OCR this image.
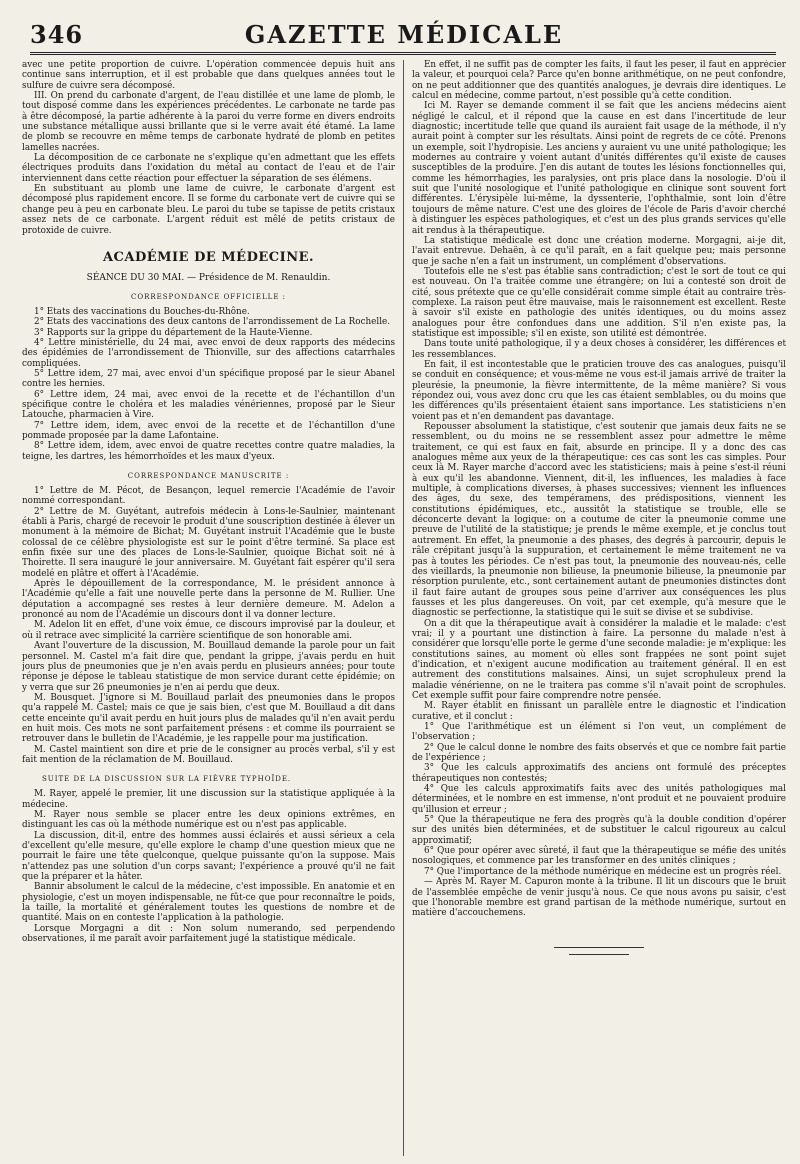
346	GAZETTE MÉDICALE

avec une petite proportion de cuivre. L'opération commencée depuis huit ans continue sans interruption, et il est probable que dans quelques années tout le sulfure de cuivre sera décomposé.

III. On prend du carbonate d'argent, de l'eau distillée et une lame de plomb, le tout disposé comme dans les expériences précédentes. Le carbonate ne tarde pas à être décomposé, la partie adhérente à la paroi du verre forme en divers endroits une substance métallique aussi brillante que si le verre avait été étamé. La lame de plomb se recouvre en même temps de carbonate hydraté de plomb en petites lamelles nacrées.

La décomposition de ce carbonate ne s'explique qu'en admettant que les effets électriques produits dans l'oxidation du métal au contact de l'eau et de l'air interviennent dans cette réaction pour effectuer la séparation de ses élémens.

En substituant au plomb une lame de cuivre, le carbonate d'argent est décomposé plus rapidement encore. Il se forme du carbonate vert de cuivre qui se change peu à peu en carbonate bleu. Le paroi du tube se tapisse de petits cristaux assez nets de ce carbonate. L'argent réduit est mêlé de petits cristaux de protoxide de cuivre.

ACADÉMIE DE MÉDECINE.
SÉANCE DU 30 MAI. — Présidence de M. Renauldin.
CORRESPONDANCE OFFICIELLE :

1° Etats des vaccinations du Bouches-du-Rhône.

2° Etats des vaccinations des deux cantons de l'arrondissement de La Rochelle.

3° Rapports sur la grippe du département de la Haute-Vienne.

4° Lettre ministérielle, du 24 mai, avec envoi de deux rapports des médecins des épidémies de l'arrondissement de Thionville, sur des affections catarrhales compliquées.

5° Lettre idem, 27 mai, avec envoi d'un spécifique proposé par le sieur Abanel contre les hernies.

6° Lettre idem, 24 mai, avec envoi de la recette et de l'échantillon d'un spécifique contre le choléra et les maladies vénériennes, proposé par le Sieur Latouche, pharmacien à Vire.

7° Lettre idem, idem, avec envoi de la recette et de l'échantillon d'une pommade proposée par la dame Lafontaine.

8° Lettre idem, idem, avec envoi de quatre recettes contre quatre maladies, la teigne, les dartres, les hémorrhoïdes et les maux d'yeux.

CORRESPONDANCE MANUSCRITE :

1° Lettre de M. Pécot, de Besançon, lequel remercie l'Académie de l'avoir nommé correspondant.

2° Lettre de M. Guyétant, autrefois médecin à Lons-le-Saulnier, maintenant établi à Paris, chargé de recevoir le produit d'une souscription destinée à élever un monument à la mémoire de Bichat; M. Guyétant instruit l'Académie que le buste colossal de ce célèbre physiologiste est sur le point d'être terminé. Sa place est enfin fixée sur une des places de Lons-le-Saulnier, quoique Bichat soit né à Thoirette. Il sera inauguré le jour anniversaire. M. Guyétant fait espérer qu'il sera modelé en plâtre et offert à l'Académie.

Après le dépouillement de la correspondance, M. le président annonce à l'Académie qu'elle a fait une nouvelle perte dans la personne de M. Rullier. Une députation a accompagné ses restes à leur dernière demeure. M. Adelon a prononcé au nom de l'Académie un discours dont il va donner lecture.

M. Adelon lit en effet, d'une voix émue, ce discours improvisé par la douleur, et où il retrace avec simplicité la carrière scientifique de son honorable ami.

Avant l'ouverture de la discussion, M. Bouillaud demande la parole pour un fait personnel. M. Castel m'a fait dire que, pendant la grippe, j'avais perdu en huit jours plus de pneumonies que je n'en avais perdu en plusieurs années; pour toute réponse je dépose le tableau statistique de mon service durant cette épidémie; on y verra que sur 26 pneumonies je n'en ai perdu que deux.

M. Bousquet. J'ignore si M. Bouillaud parlait des pneumonies dans le propos qu'a rappelé M. Castel; mais ce que je sais bien, c'est que M. Bouillaud a dit dans cette enceinte qu'il avait perdu en huit jours plus de malades qu'il n'en avait perdu en huit mois. Ces mots ne sont parfaitement présens : et comme ils pourraient se retrouver dans le bulletin de l'Académie, je les rappelle pour ma justification.

M. Castel maintient son dire et prie de le consigner au procès verbal, s'il y est fait mention de la réclamation de M. Bouillaud.

SUITE DE LA DISCUSSION SUR LA FIÈVRE TYPHOÏDE.

M. Rayer, appelé le premier, lit une discussion sur la statistique appliquée à la médecine.

M. Rayer nous semble se placer entre les deux opinions extrêmes, en distinguant les cas où la méthode numérique est ou n'est pas applicable.

La discussion, dit-il, entre des hommes aussi éclairés et aussi sérieux a cela d'excellent qu'elle mesure, qu'elle explore le champ d'une question mieux que ne pourrait le faire une tête quelconque, quelque puissante qu'on la suppose. Mais n'attendez pas une solution d'un corps savant; l'expérience a prouvé qu'il ne fait que la préparer et la hâter.

Bannir absolument le calcul de la médecine, c'est impossible. En anatomie et en physiologie, c'est un moyen indispensable, ne fût-ce que pour reconnaître le poids, la taille, la mortalité et généralement toutes les questions de nombre et de quantité. Mais on en conteste l'application à la pathologie.

Lorsque Morgagni a dit : Non solum numerando, sed perpendendo observationes, il me paraît avoir parfaitement jugé la statistique médicale.

En effet, il ne suffit pas de compter les faits, il faut les peser, il faut en apprécier la valeur, et pourquoi cela? Parce qu'en bonne arithmétique, on ne peut confondre, on ne peut additionner que des quantités analogues, je devrais dire identiques. Le calcul en médecine, comme partout, n'est possible qu'à cette condition.

Ici M. Rayer se demande comment il se fait que les anciens médecins aient négligé le calcul, et il répond que la cause en est dans l'incertitude de leur diagnostic; incertitude telle que quand ils auraient fait usage de la méthode, il n'y aurait point à compter sur les résultats. Ainsi point de regrets de ce côté. Prenons un exemple, soit l'hydropisie. Les anciens y auraient vu une unité pathologique; les modernes au contraire y voient autant d'unités différentes qu'il existe de causes susceptibles de la produire. J'en dis autant de toutes les lésions fonctionnelles qui, comme les hémorrhagies, les paralysies, ont pris place dans la nosologie. D'où il suit que l'unité nosologique et l'unité pathologique en clinique sont souvent fort différentes. L'érysipèle lui-même, la dyssenterie, l'ophthalmie, sont loin d'être toujours de même nature. C'est une des gloires de l'école de Paris d'avoir cherché à distinguer les espèces pathologiques, et c'est un des plus grands services qu'elle ait rendus à la thérapeutique.

La statistique médicale est donc une création moderne. Morgagni, ai-je dit, l'avait entrevue. Dehaën, à ce qu'il paraît, en a fait quelque peu; mais personne que je sache n'en a fait un instrument, un complément d'observations.

Toutefois elle ne s'est pas établie sans contradiction; c'est le sort de tout ce qui est nouveau. On l'a traitée comme une étrangère; on lui a contesté son droit de cité, sous prétexte que ce qu'elle considérait comme simple était au contraire très-complexe. La raison peut être mauvaise, mais le raisonnement est excellent. Reste à savoir s'il existe en pathologie des unités identiques, ou du moins assez analogues pour être confondues dans une addition. S'il n'en existe pas, la statistique est impossible; s'il en existe, son utilité est démontrée.

Dans toute unité pathologique, il y a deux choses à considérer, les différences et les ressemblances.

En fait, il est incontestable que le praticien trouve des cas analogues, puisqu'il se conduit en conséquence; et vous-même ne vous est-il jamais arrivé de traiter la pleurésie, la pneumonie, la fièvre intermittente, de la même manière? Si vous répondez oui, vous avez donc cru que les cas étaient semblables, ou du moins que les différences qu'ils présentaient étaient sans importance. Les statisticiens n'en voient pas et n'en demandent pas davantage.

Repousser absolument la statistique, c'est soutenir que jamais deux faits ne se ressemblent, ou du moins ne se ressemblent assez pour admettre le même traitement, ce qui est faux en fait, absurde en principe. Il y a donc des cas analogues même aux yeux de la thérapeutique: ces cas sont les cas simples. Pour ceux là M. Rayer marche d'accord avec les statisticiens; mais à peine s'est-il réuni à eux qu'il les abandonne. Viennent, dit-il, les influences, les maladies à face multiple, à complications diverses, à phases successives; viennent les influences des âges, du sexe, des tempéramens, des prédispositions, viennent les constitutions épidémiques, etc., aussitôt la statistique se trouble, elle se déconcerte devant la logique: on a coutume de citer la pneumonie comme une preuve de l'utilité de la statistique; je prends le même exemple, et je conclus tout autrement. En effet, la pneumonie a des phases, des degrés à parcourir, depuis le râle crépitant jusqu'à la suppuration, et certainement le même traitement ne va pas à toutes les périodes. Ce n'est pas tout, la pneumonie des nouveau-nés, celle des vieillards, la pneumonie non bilieuse, la pneumonie bilieuse, la pneumonie par résorption purulente, etc., sont certainement autant de pneumonies distinctes dont il faut faire autant de groupes sous peine d'arriver aux conséquences les plus fausses et les plus dangereuses. On voit, par cet exemple, qu'à mesure que le diagnostic se perfectionne, la statistique qui le suit se divise et se subdivise.

On a dit que la thérapeutique avait à considérer la maladie et le malade: c'est vrai; il y a pourtant une distinction à faire. La personne du malade n'est à considérer que lorsqu'elle porte le germe d'une seconde maladie: je m'explique: les constitutions saines, au moment où elles sont frappées ne sont point sujet d'indication, et n'exigent aucune modification au traitement général. Il en est autrement des constitutions malsaines. Ainsi, un sujet scrophuleux prend la maladie vénérienne, on ne le traitera pas comme s'il n'avait point de scrophules. Cet exemple suffit pour faire comprendre notre pensée.

M. Rayer établit en finissant un parallèle entre le diagnostic et l'indication curative, et il conclut :

1° Que l'arithmétique est un élément si l'on veut, un complément de l'observation ;

2° Que le calcul donne le nombre des faits observés et que ce nombre fait partie de l'expérience ;

3° Que les calculs approximatifs des anciens ont formulé des préceptes thérapeutiques non contestés;

4° Que les calculs approximatifs faits avec des unités pathologiques mal déterminées, et le nombre en est immense, n'ont produit et ne pouvaient produire qu'illusion et erreur ;

5° Que la thérapeutique ne fera des progrès qu'à la double condition d'opérer sur des unités bien déterminées, et de substituer le calcul rigoureux au calcul approximatif;

6° Que pour opérer avec sûreté, il faut que la thérapeutique se méfie des unités nosologiques, et commence par les transformer en des unités cliniques ;

7° Que l'importance de la méthode numérique en médecine est un progrès réel.

— Après M. Rayer M. Capuron monte à la tribune. Il lit un discours que le bruit de l'assemblée empêche de venir jusqu'à nous. Ce que nous avons pu saisir, c'est que l'honorable membre est grand partisan de la méthode numérique, surtout en matière d'accouchemens.
